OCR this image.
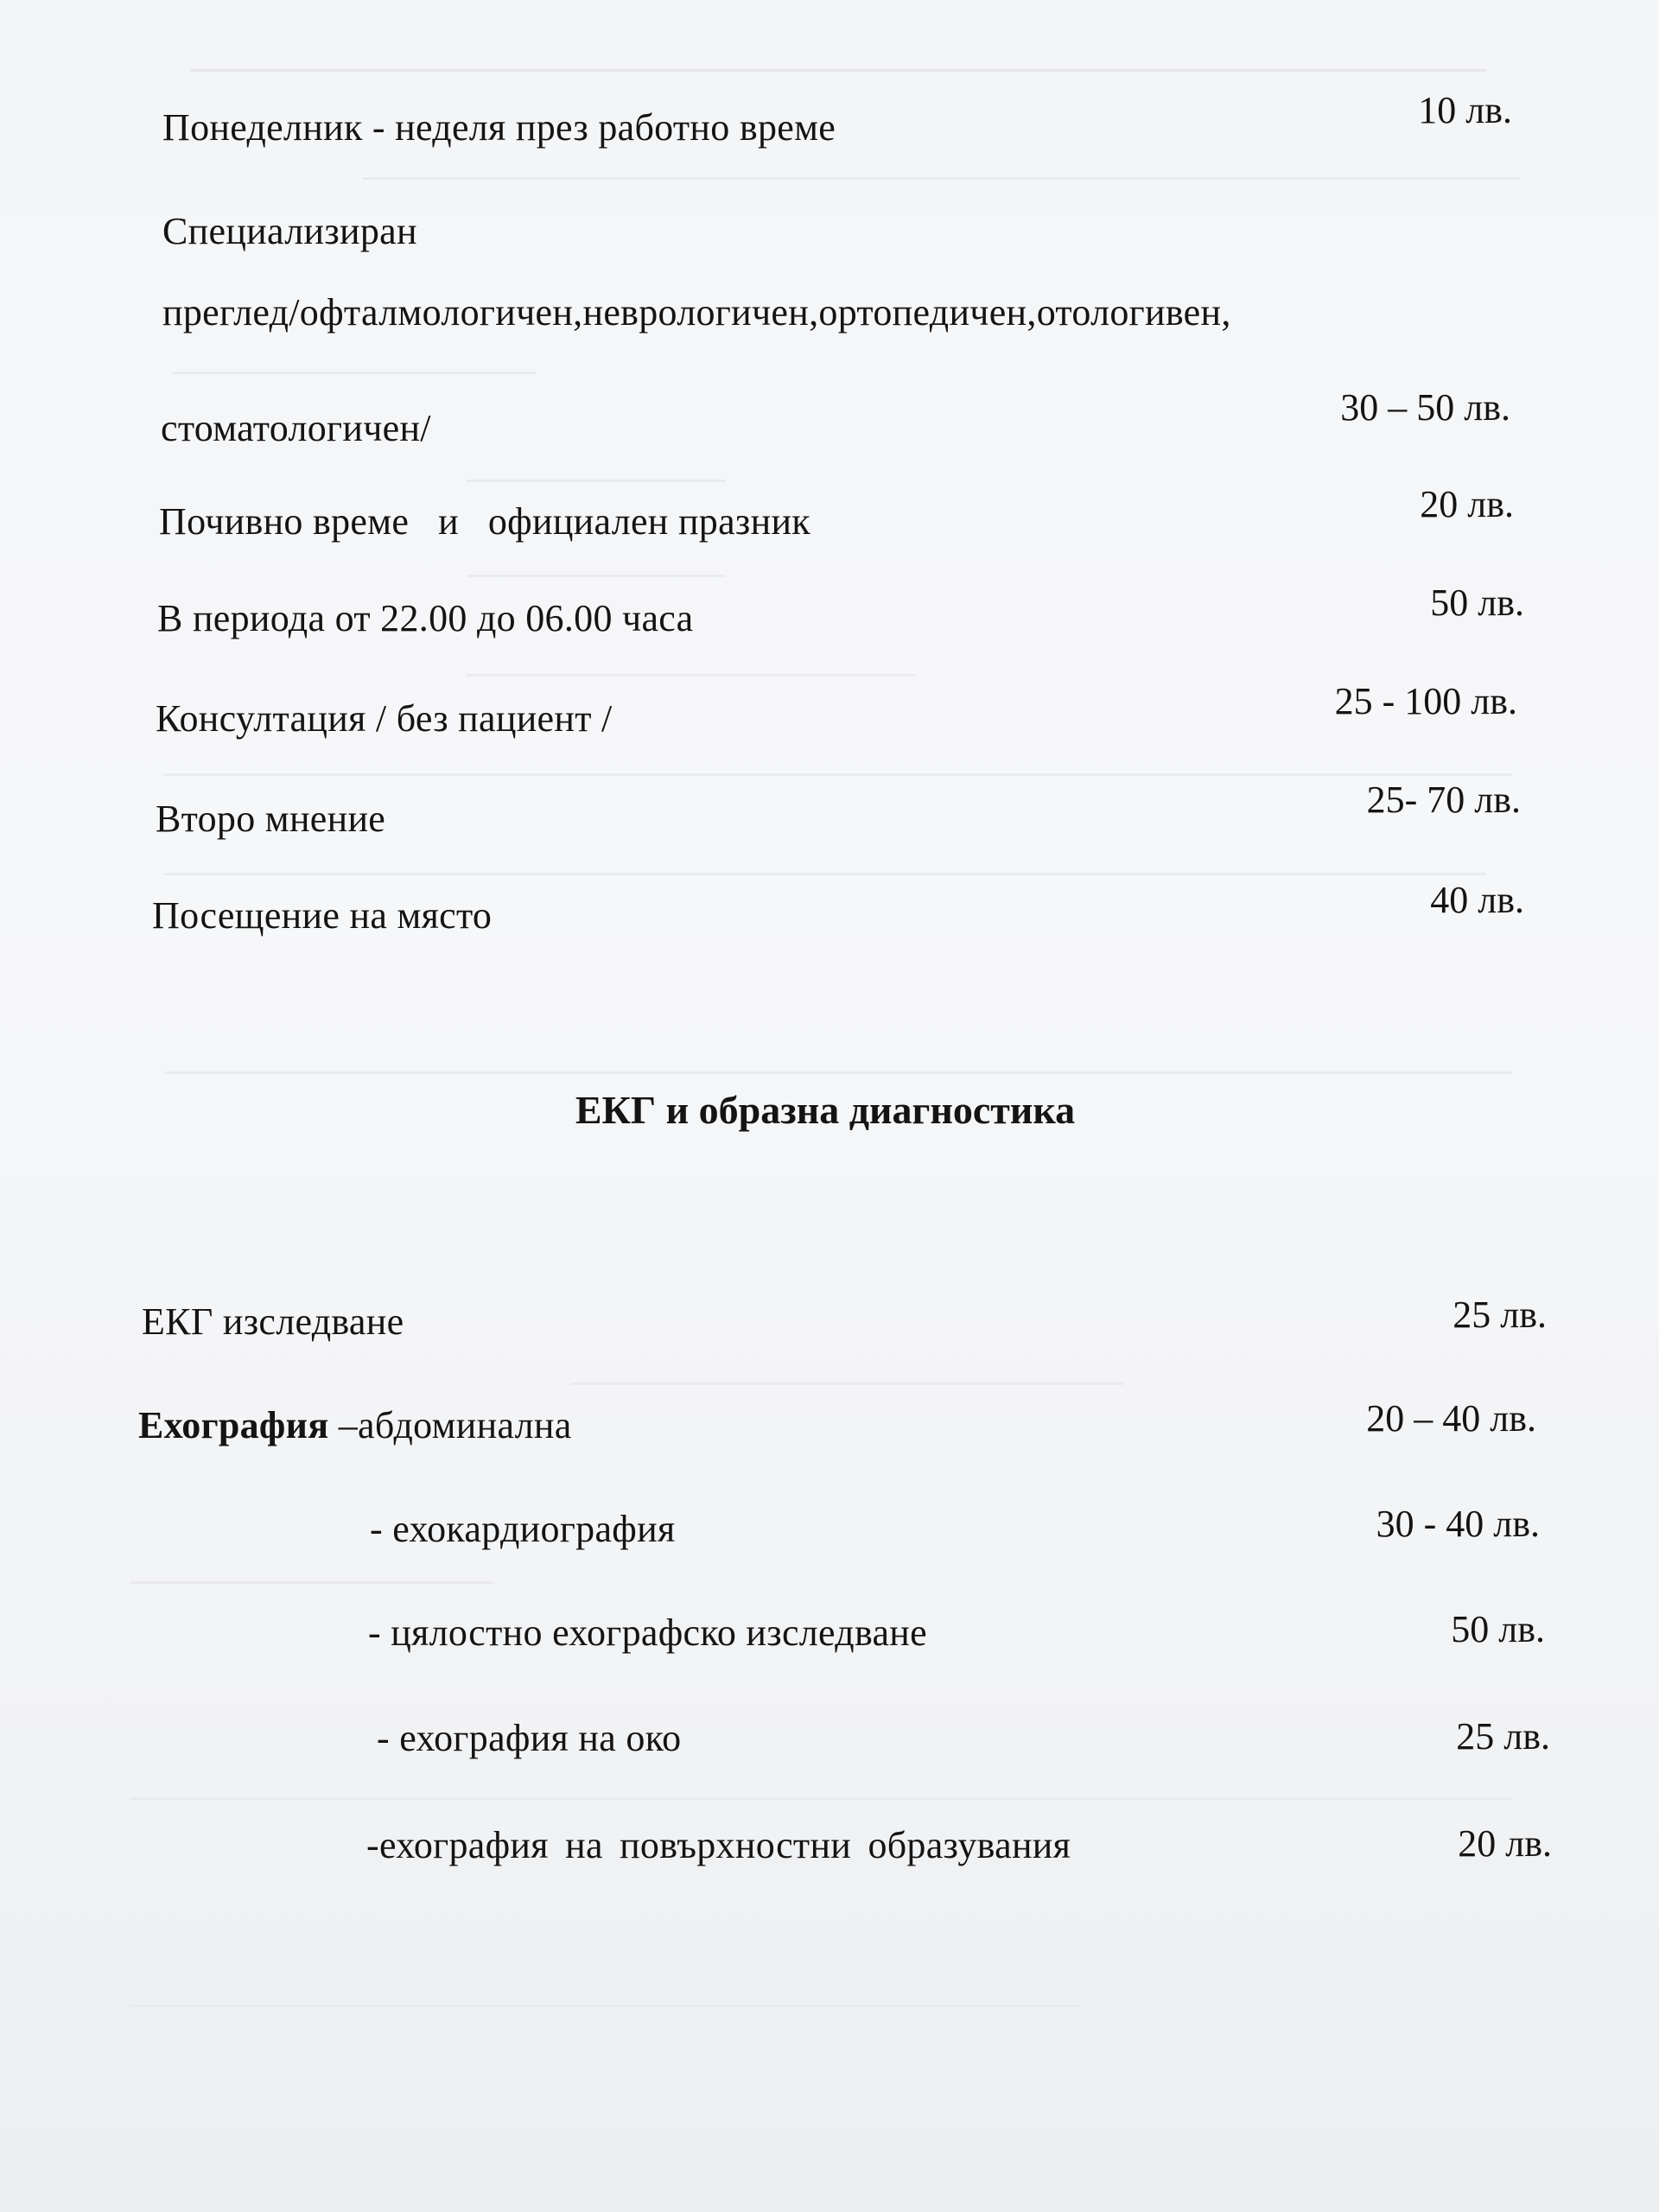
Понеделник - неделя през работно време	10 лв.
Специализиран
преглед/офталмологичен,неврологичен,ортопедичен,отологивен,
стоматологичен/	30 – 50 лв.
Почивно време   и   официален празник	20 лв.
В периода от 22.00 до 06.00 часа	50 лв.
Консултация / без пациент /	25 - 100 лв.
Второ мнение	25- 70 лв.
Посещение на място	40 лв.
ЕКГ и образна диагностика
ЕКГ изследване	25 лв.
Ехография –абдоминална	20 – 40 лв.
- ехокардиография	30 - 40 лв.
- цялостно ехографско изследване	50 лв.
- ехография на око	25 лв.
-ехография на повърхностни образувания	20 лв.
